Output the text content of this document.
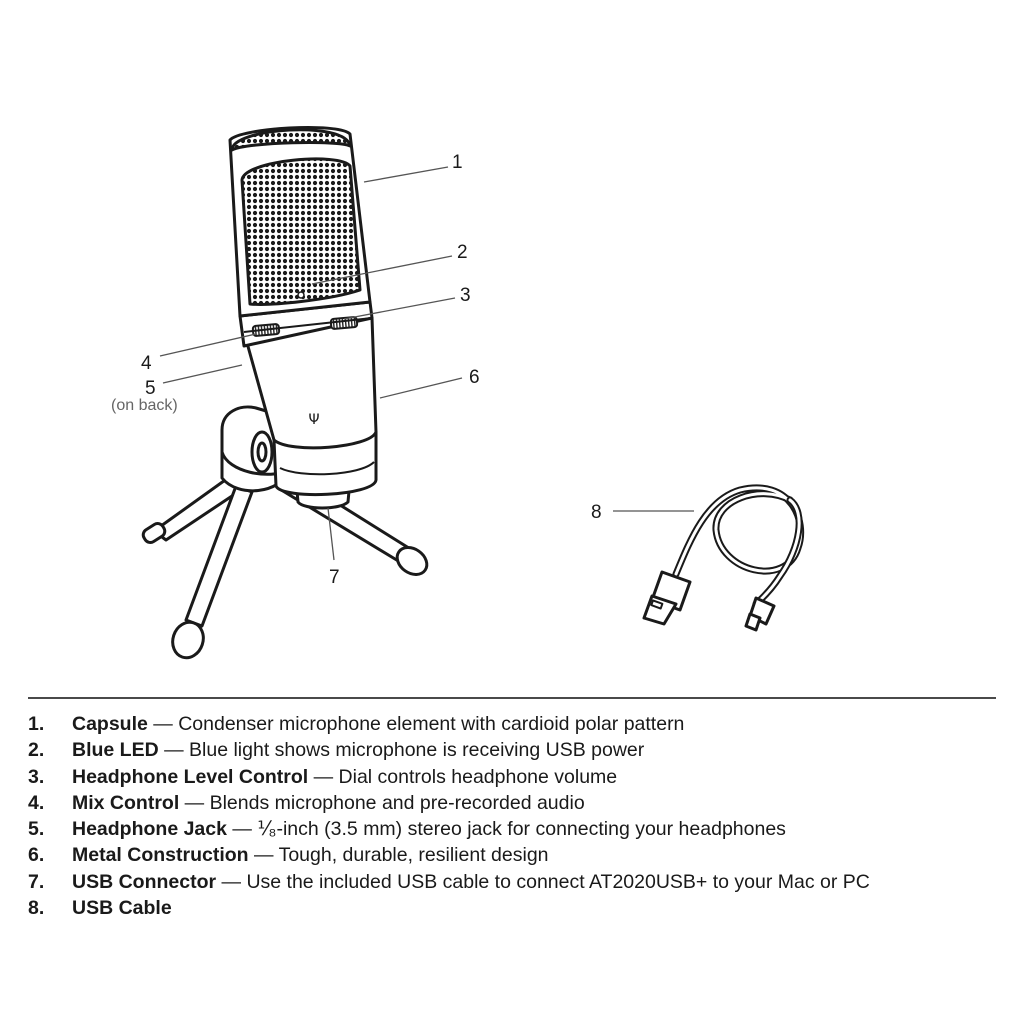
Ψ
1
2
3
4
5
(on back)
6
7
8
1. Capsule — Condenser microphone element with cardioid polar pattern
2. Blue LED — Blue light shows microphone is receiving USB power
3. Headphone Level Control — Dial controls headphone volume
4. Mix Control — Blends microphone and pre-recorded audio
5. Headphone Jack — ⅟₈-inch (3.5 mm) stereo jack for connecting your headphones
6. Metal Construction — Tough, durable, resilient design
7. USB Connector — Use the included USB cable to connect AT2020USB+ to your Mac or PC
8. USB Cable
